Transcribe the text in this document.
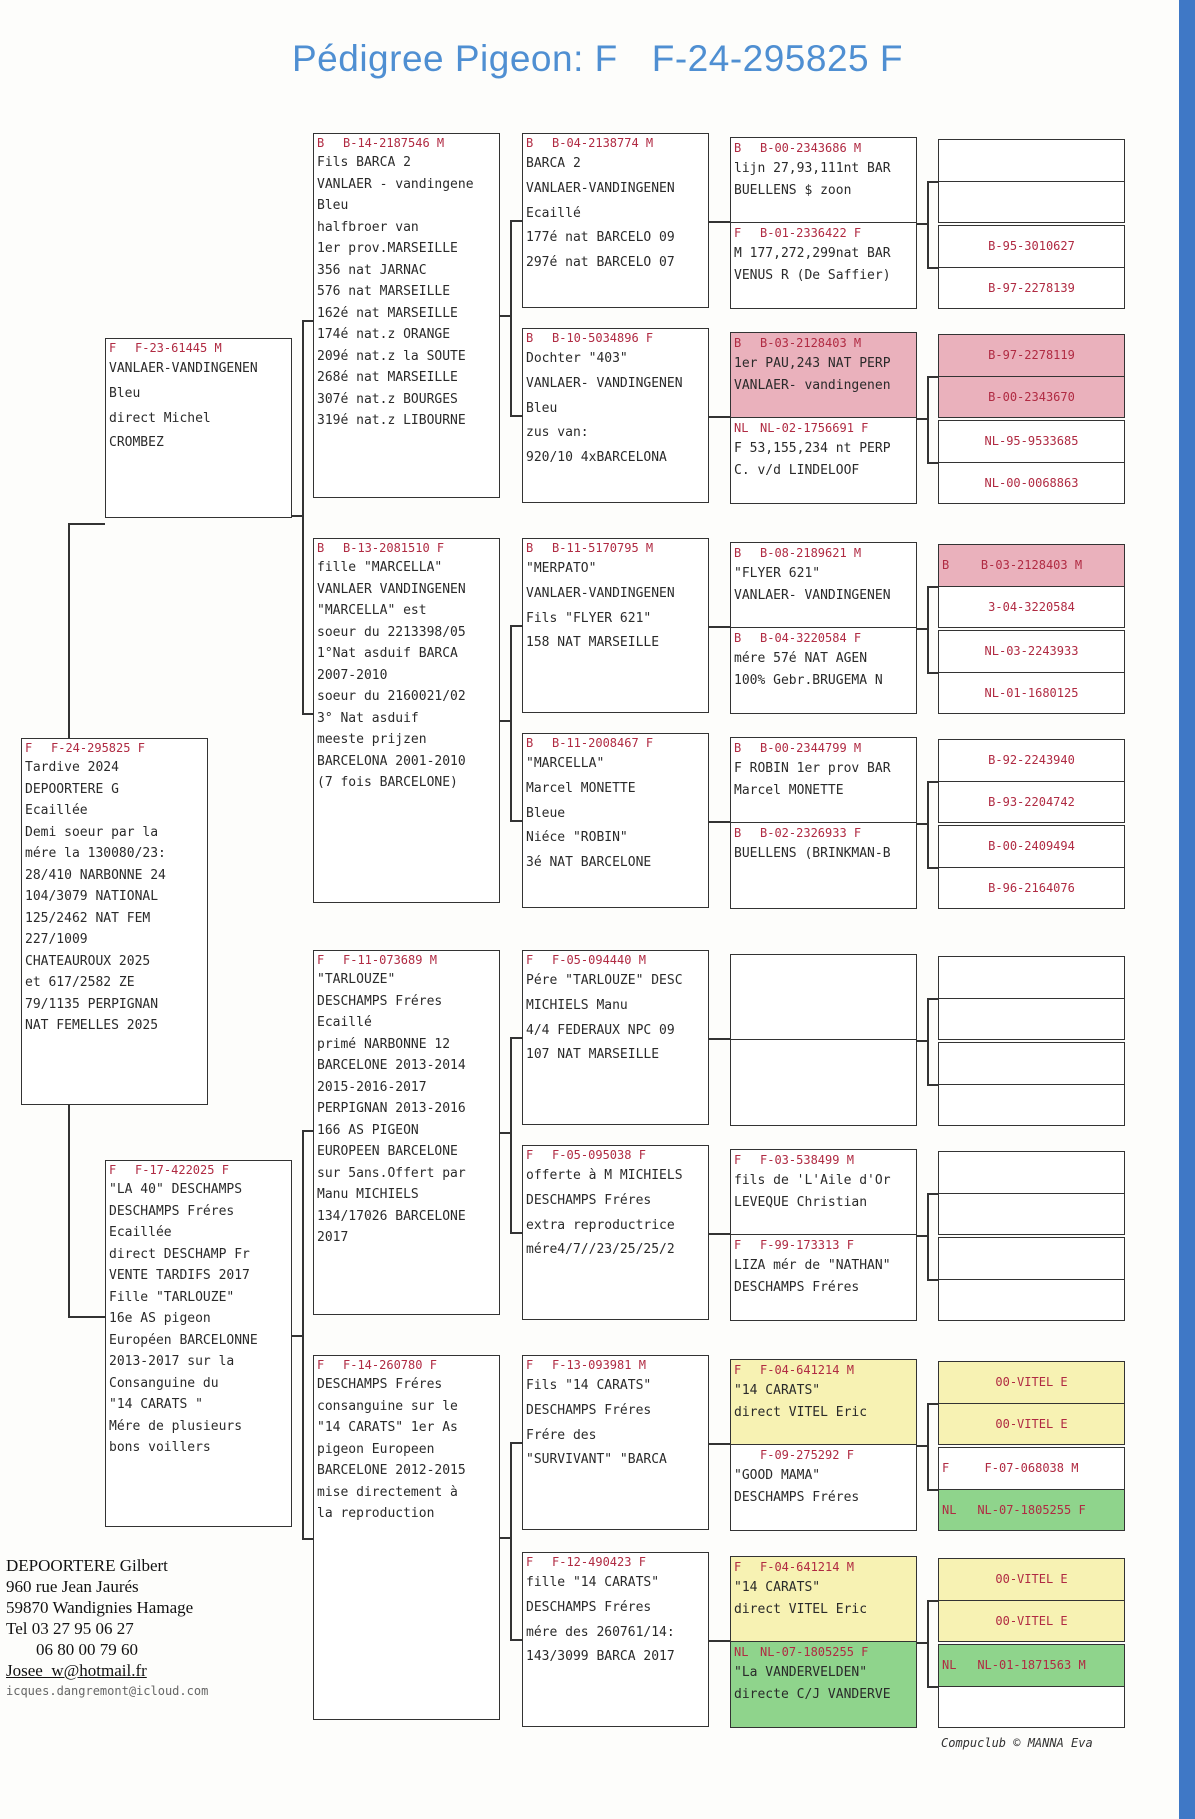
Pédigree Pigeon: F F-24-295825 F
F F-24-295825 F
Tardive 2024
DEPOORTERE G
Ecaillée
Demi soeur par la
mére la 130080/23:
28/410 NARBONNE 24
104/3079 NATIONAL
125/2462 NAT FEM
227/1009
CHATEAUROUX 2025
et 617/2582 ZE
79/1135 PERPIGNAN
NAT FEMELLES 2025
F F-23-61445 M
VANLAER-VANDINGENEN
Bleu
direct Michel
CROMBEZ
F F-17-422025 F
"LA 40" DESCHAMPS
DESCHAMPS Fréres
Ecaillée
direct DESCHAMP Fr
VENTE TARDIFS 2017
Fille "TARLOUZE"
16e AS pigeon
Européen BARCELONNE
2013-2017 sur la
Consanguine du
"14 CARATS "
Mére de plusieurs
bons voillers
B B-14-2187546 M
Fils BARCA 2
VANLAER - vandingene
Bleu
halfbroer van
1er prov.MARSEILLE
356 nat JARNAC
576 nat MARSEILLE
162é nat MARSEILLE
174é nat.z ORANGE
209é nat.z la SOUTE
268é nat MARSEILLE
307é nat.z BOURGES
319é nat.z LIBOURNE
B B-13-2081510 F
fille "MARCELLA"
VANLAER VANDINGENEN
"MARCELLA" est
soeur du 2213398/05
1°Nat asduif BARCA
2007-2010
soeur du 2160021/02
3° Nat asduif
meeste prijzen
BARCELONA 2001-2010
(7 fois BARCELONE)
F F-11-073689 M
"TARLOUZE"
DESCHAMPS Fréres
Ecaillé
primé NARBONNE 12
BARCELONE 2013-2014
2015-2016-2017
PERPIGNAN 2013-2016
166 AS PIGEON
EUROPEEN BARCELONE
sur 5ans.Offert par
Manu MICHIELS
134/17026 BARCELONE
2017
F F-14-260780 F
DESCHAMPS Fréres
consanguine sur le
"14 CARATS" 1er As
pigeon Europeen
BARCELONE 2012-2015
mise directement à
la reproduction
B B-04-2138774 M
BARCA 2
VANLAER-VANDINGENEN
Ecaillé
177é nat BARCELO 09
297é nat BARCELO 07
B B-10-5034896 F
Dochter "403"
VANLAER- VANDINGENEN
Bleu
zus van:
920/10 4xBARCELONA
B B-11-5170795 M
"MERPATO"
VANLAER-VANDINGENEN
Fils "FLYER 621"
158 NAT MARSEILLE
B B-11-2008467 F
"MARCELLA"
Marcel MONETTE
Bleue
Niéce "ROBIN"
3é NAT BARCELONE
F F-05-094440 M
Pére "TARLOUZE" DESC
MICHIELS Manu
4/4 FEDERAUX NPC 09
107 NAT MARSEILLE
F F-05-095038 F
offerte à M MICHIELS
DESCHAMPS Fréres
extra reproductrice
mére4/7//23/25/25/2
F F-13-093981 M
Fils "14 CARATS"
DESCHAMPS Fréres
Frére des
"SURVIVANT" "BARCA
F F-12-490423 F
fille "14 CARATS"
DESCHAMPS Fréres
mére des 260761/14:
143/3099 BARCA 2017
B B-00-2343686 M
lijn 27,93,111nt BAR
BUELLENS $ zoon
F B-01-2336422 F
M 177,272,299nat BAR
VENUS R (De Saffier)
B B-03-2128403 M
1er PAU,243 NAT PERP
VANLAER- vandingenen
NL NL-02-1756691 F
F 53,155,234 nt PERP
C. v/d LINDELOOF
B B-08-2189621 M
"FLYER 621"
VANLAER- VANDINGENEN
B B-04-3220584 F
mére 57é NAT AGEN
100% Gebr.BRUGEMA N
B B-00-2344799 M
F ROBIN 1er prov BAR
Marcel MONETTE
B B-02-2326933 F
BUELLENS (BRINKMAN-B
F F-03-538499 M
fils de 'L'Aile d'Or
LEVEQUE Christian
F F-99-173313 F
LIZA mér de "NATHAN"
DESCHAMPS Fréres
F F-04-641214 M
"14 CARATS"
direct VITEL Eric
F-09-275292 F
"GOOD MAMA"
DESCHAMPS Fréres
F F-04-641214 M
"14 CARATS"
direct VITEL Eric
NL NL-07-1805255 F
"La VANDERVELDEN"
directe C/J VANDERVE
B-95-3010627
B-97-2278139
B-97-2278119
B-00-2343670
NL-95-9533685
NL-00-0068863
B	B-03-2128403 M
3-04-3220584
NL-03-2243933
NL-01-1680125
B-92-2243940
B-93-2204742
B-00-2409494
B-96-2164076
00-VITEL E
00-VITEL E
F	F-07-068038 M
NL	NL-07-1805255 F
00-VITEL E
00-VITEL E
NL	NL-01-1871563 M
DEPOORTERE Gilbert
960 rue Jean Jaurés
59870 Wandignies Hamage
Tel 03 27 95 06 27
06 80 00 79 60
Josee_w@hotmail.fr
icques.dangremont@icloud.com
Compuclub © MANNA Eva
